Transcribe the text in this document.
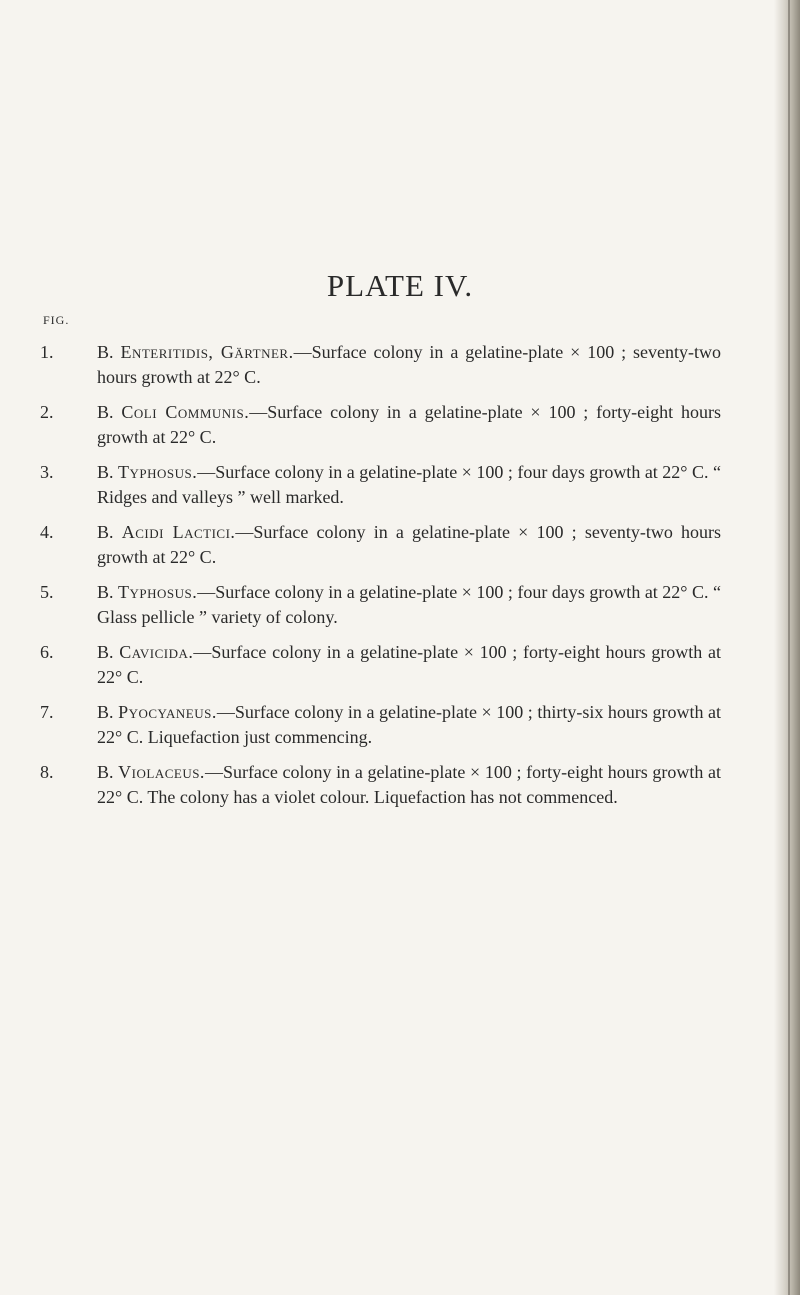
PLATE IV.
FIG.
1.	B. Enteritidis, Gärtner.—Surface colony in a gelatine-plate × 100 ; seventy-two hours growth at 22° C.
2.	B. Coli Communis.—Surface colony in a gelatine-plate × 100 ; forty-eight hours growth at 22° C.
3.	B. Typhosus.—Surface colony in a gelatine-plate × 100 ; four days growth at 22° C. “ Ridges and valleys ” well marked.
4.	B. Acidi Lactici.—Surface colony in a gelatine-plate × 100 ; seventy-two hours growth at 22° C.
5.	B. Typhosus.—Surface colony in a gelatine-plate × 100 ; four days growth at 22° C. “ Glass pellicle ” variety of colony.
6.	B. Cavicida.—Surface colony in a gelatine-plate × 100 ; forty-eight hours growth at 22° C.
7.	B. Pyocyaneus.—Surface colony in a gelatine-plate × 100 ; thirty-six hours growth at 22° C. Liquefaction just commencing.
8.	B. Violaceus.—Surface colony in a gelatine-plate × 100 ; forty-eight hours growth at 22° C. The colony has a violet colour. Liquefaction has not commenced.
